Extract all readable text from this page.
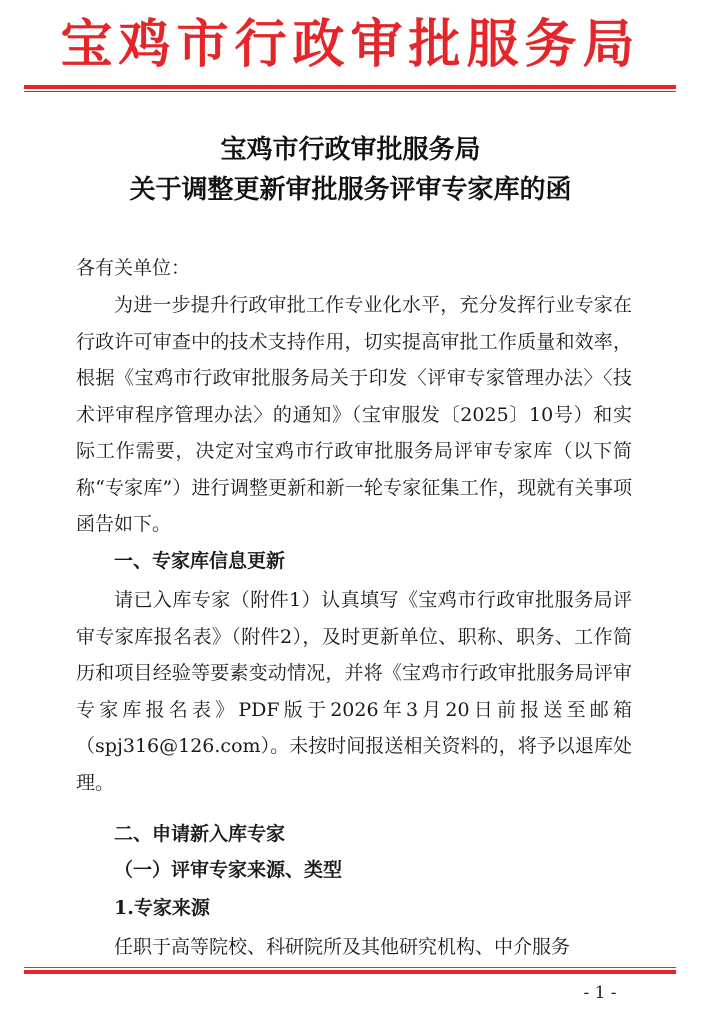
宝鸡市行政审批服务局
宝鸡市行政审批服务局
关于调整更新审批服务评审专家库的函
各有关单位：
为进一步提升行政审批工作专业化水平，充分发挥行业专家在行政许可审查中的技术支持作用，切实提高审批工作质量和效率，根据《宝鸡市行政审批服务局关于印发〈评审专家管理办法〉〈技术评审程序管理办法〉的通知》（宝审服发〔2025〕10号）和实际工作需要，决定对宝鸡市行政审批服务局评审专家库（以下简称“专家库”）进行调整更新和新一轮专家征集工作，现就有关事项函告如下。
一、专家库信息更新
请已入库专家（附件1）认真填写《宝鸡市行政审批服务局评审专家库报名表》（附件2），及时更新单位、职称、职务、工作简历和项目经验等要素变动情况，并将《宝鸡市行政审批服务局评审专家库报名表》PDF版于2026年3月20日前报送至邮箱（spj316@126.com）。未按时间报送相关资料的，将予以退库处理。
二、申请新入库专家
（一）评审专家来源、类型
1.专家来源
任职于高等院校、科研院所及其他研究机构、中介服务
- 1 -
